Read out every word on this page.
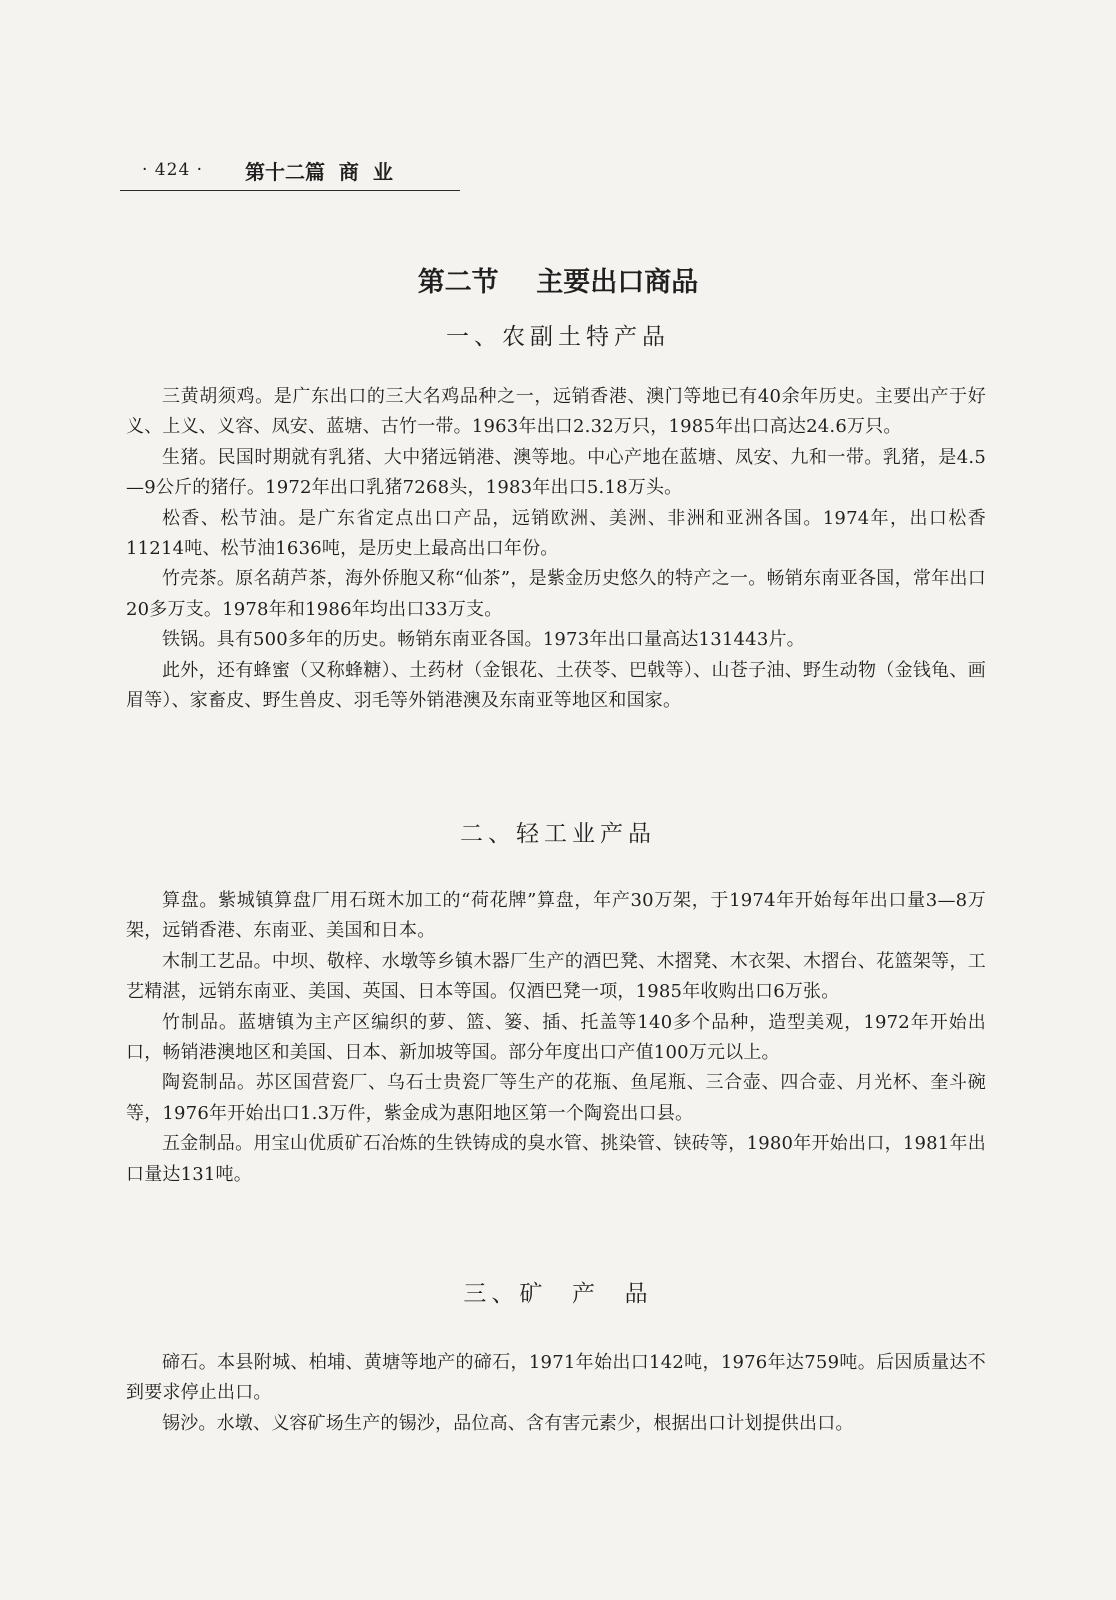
· 424 · 第十二篇  商  业
第二节    主要出口商品
一、农副土特产品

三黄胡须鸡。是广东出口的三大名鸡品种之一，远销香港、澳门等地已有40余年历史。主要出产于好义、上义、义容、凤安、蓝塘、古竹一带。1963年出口2.32万只，1985年出口高达24.6万只。

生猪。民国时期就有乳猪、大中猪远销港、澳等地。中心产地在蓝塘、凤安、九和一带。乳猪，是4.5—9公斤的猪仔。1972年出口乳猪7268头，1983年出口5.18万头。

松香、松节油。是广东省定点出口产品，远销欧洲、美洲、非洲和亚洲各国。1974年，出口松香11214吨、松节油1636吨，是历史上最高出口年份。

竹壳茶。原名葫芦茶，海外侨胞又称“仙茶”，是紫金历史悠久的特产之一。畅销东南亚各国，常年出口20多万支。1978年和1986年均出口33万支。

铁锅。具有500多年的历史。畅销东南亚各国。1973年出口量高达131443片。

此外，还有蜂蜜（又称蜂糖）、土药材（金银花、土茯苓、巴戟等）、山苍子油、野生动物（金钱龟、画眉等）、家畜皮、野生兽皮、羽毛等外销港澳及东南亚等地区和国家。

二、轻工业产品

算盘。紫城镇算盘厂用石斑木加工的“荷花牌”算盘，年产30万架，于1974年开始每年出口量3—8万架，远销香港、东南亚、美国和日本。

木制工艺品。中坝、敬梓、水墩等乡镇木器厂生产的酒巴凳、木摺凳、木衣架、木摺台、花篮架等，工艺精湛，远销东南亚、美国、英国、日本等国。仅酒巴凳一项，1985年收购出口6万张。

竹制品。蓝塘镇为主产区编织的萝、篮、篓、插、托盖等140多个品种，造型美观，1972年开始出口，畅销港澳地区和美国、日本、新加坡等国。部分年度出口产值100万元以上。

陶瓷制品。苏区国营瓷厂、乌石士贵瓷厂等生产的花瓶、鱼尾瓶、三合壶、四合壶、月光杯、奎斗碗等，1976年开始出口1.3万件，紫金成为惠阳地区第一个陶瓷出口县。

五金制品。用宝山优质矿石冶炼的生铁铸成的臭水管、挑染管、铗砖等，1980年开始出口，1981年出口量达131吨。

三、矿  产  品

碲石。本县附城、柏埔、黄塘等地产的碲石，1971年始出口142吨，1976年达759吨。后因质量达不到要求停止出口。

锡沙。水墩、义容矿场生产的锡沙，品位高、含有害元素少，根据出口计划提供出口。
